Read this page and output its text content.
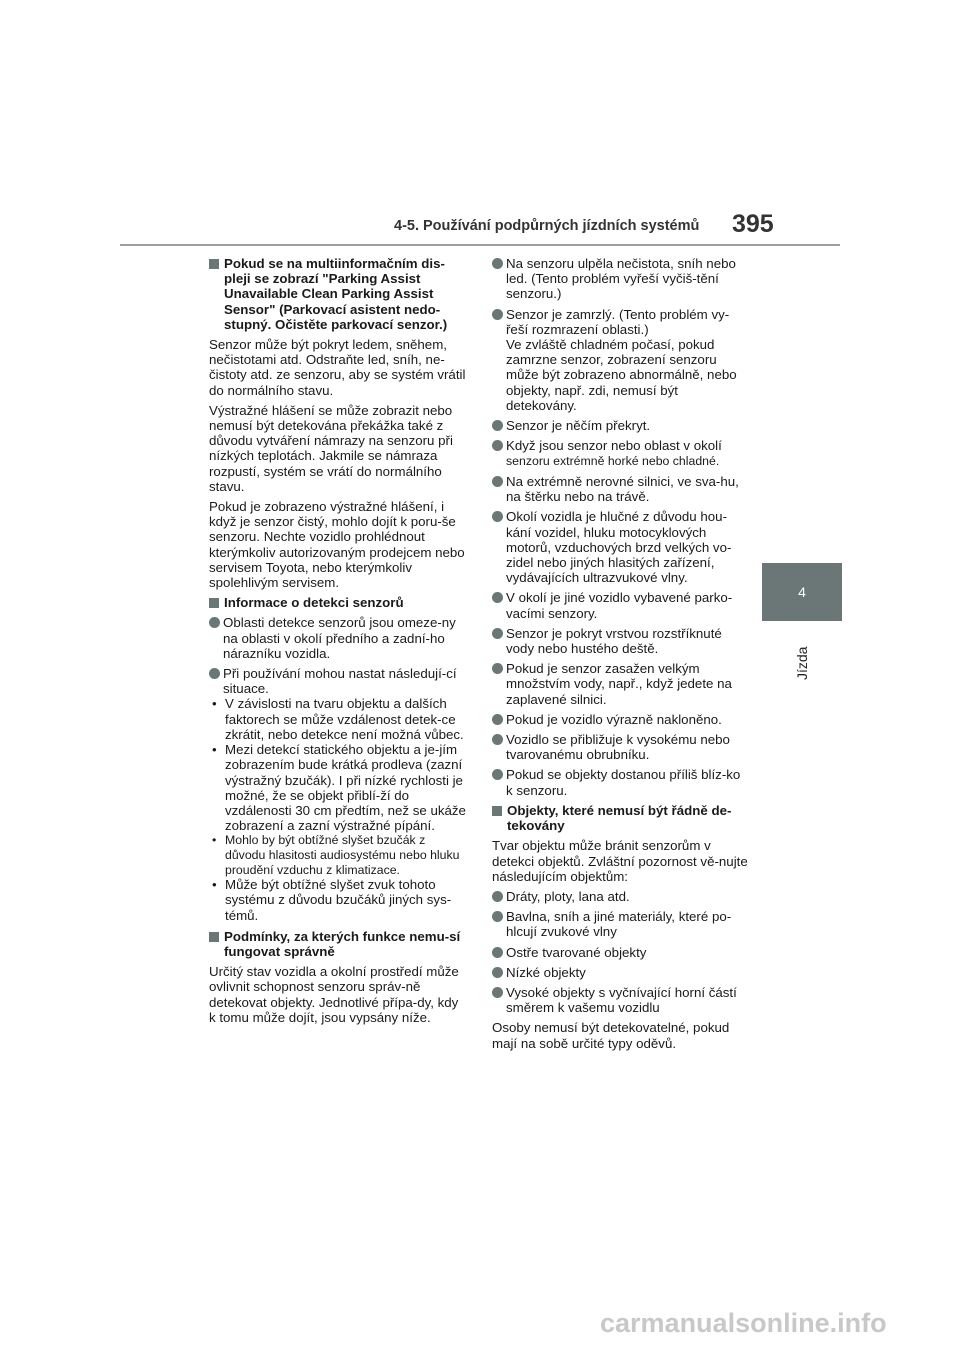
4-5. Používání podpůrných jízdních systémů 395
4
Jízda
Pokud se na multiinformačním dis-pleji se zobrazí "Parking Assist Unavailable Clean Parking Assist Sensor" (Parkovací asistent nedo-stupný. Očistěte parkovací senzor.)

Senzor může být pokryt ledem, sněhem, nečistotami atd. Odstraňte led, sníh, ne-čistoty atd. ze senzoru, aby se systém vrátil do normálního stavu.

Výstražné hlášení se může zobrazit nebo nemusí být detekována překážka také z důvodu vytváření námrazy na senzoru při nízkých teplotách. Jakmile se námraza rozpustí, systém se vrátí do normálního stavu.

Pokud je zobrazeno výstražné hlášení, i když je senzor čistý, mohlo dojít k poru-še senzoru. Nechte vozidlo prohlédnout kterýmkoliv autorizovaným prodejcem nebo servisem Toyota, nebo kterýmkoliv spolehlivým servisem.

Informace o detekci senzorů
Oblasti detekce senzorů jsou omeze-ny na oblasti v okolí předního a zadní-ho nárazníku vozidla.
Při používání mohou nastat následují-cí situace.
• V závislosti na tvaru objektu a dalších faktorech se může vzdálenost detek-ce zkrátit, nebo detekce není možná vůbec.
• Mezi detekcí statického objektu a je-jím zobrazením bude krátká prodleva (zazní výstražný bzučák). I při nízké rychlosti je možné, že se objekt přiblí-ží do vzdálenosti 30 cm předtím, než se ukáže zobrazení a zazní výstražné pípání.
• Mohlo by být obtížné slyšet bzučák z důvodu hlasitosti audiosystému nebo hluku proudění vzduchu z klimatizace.
• Může být obtížné slyšet zvuk tohoto systému z důvodu bzučáků jiných sys-témů.
Podmínky, za kterých funkce nemu-sí fungovat správně

Určitý stav vozidla a okolní prostředí může ovlivnit schopnost senzoru správ-ně detekovat objekty. Jednotlivé přípa-dy, kdy k tomu může dojít, jsou vypsány níže.

Na senzoru ulpěla nečistota, sníh nebo led. (Tento problém vyřeší vyčiš-tění senzoru.)
Senzor je zamrzlý. (Tento problém vy-řeší rozmrazení oblasti.)
Ve zvláště chladném počasí, pokud zamrzne senzor, zobrazení senzoru může být zobrazeno abnormálně, nebo objekty, např. zdi, nemusí být detekovány.
Senzor je něčím překryt.
Když jsou senzor nebo oblast v okolí
senzoru extrémně horké nebo chladné.
Na extrémně nerovné silnici, ve sva-hu, na štěrku nebo na trávě.
Okolí vozidla je hlučné z důvodu hou-kání vozidel, hluku motocyklových motorů, vzduchových brzd velkých vo-zidel nebo jiných hlasitých zařízení, vydávajících ultrazvukové vlny.
V okolí je jiné vozidlo vybavené parko-vacími senzory.
Senzor je pokryt vrstvou rozstříknuté vody nebo hustého deště.
Pokud je senzor zasažen velkým množstvím vody, např., když jedete na zaplavené silnici.
Pokud je vozidlo výrazně nakloněno.
Vozidlo se přibližuje k vysokému nebo tvarovanému obrubníku.
Pokud se objekty dostanou příliš blíz-ko k senzoru.
Objekty, které nemusí být řádně de-tekovány

Tvar objektu může bránit senzorům v detekci objektů. Zvláštní pozornost vě-nujte následujícím objektům:

Dráty, ploty, lana atd.
Bavlna, sníh a jiné materiály, které po-hlcují zvukové vlny
Ostře tvarované objekty
Nízké objekty
Vysoké objekty s vyčnívající horní částí směrem k vašemu vozidlu

Osoby nemusí být detekovatelné, pokud mají na sobě určité typy oděvů.

carmanualsonline.info
